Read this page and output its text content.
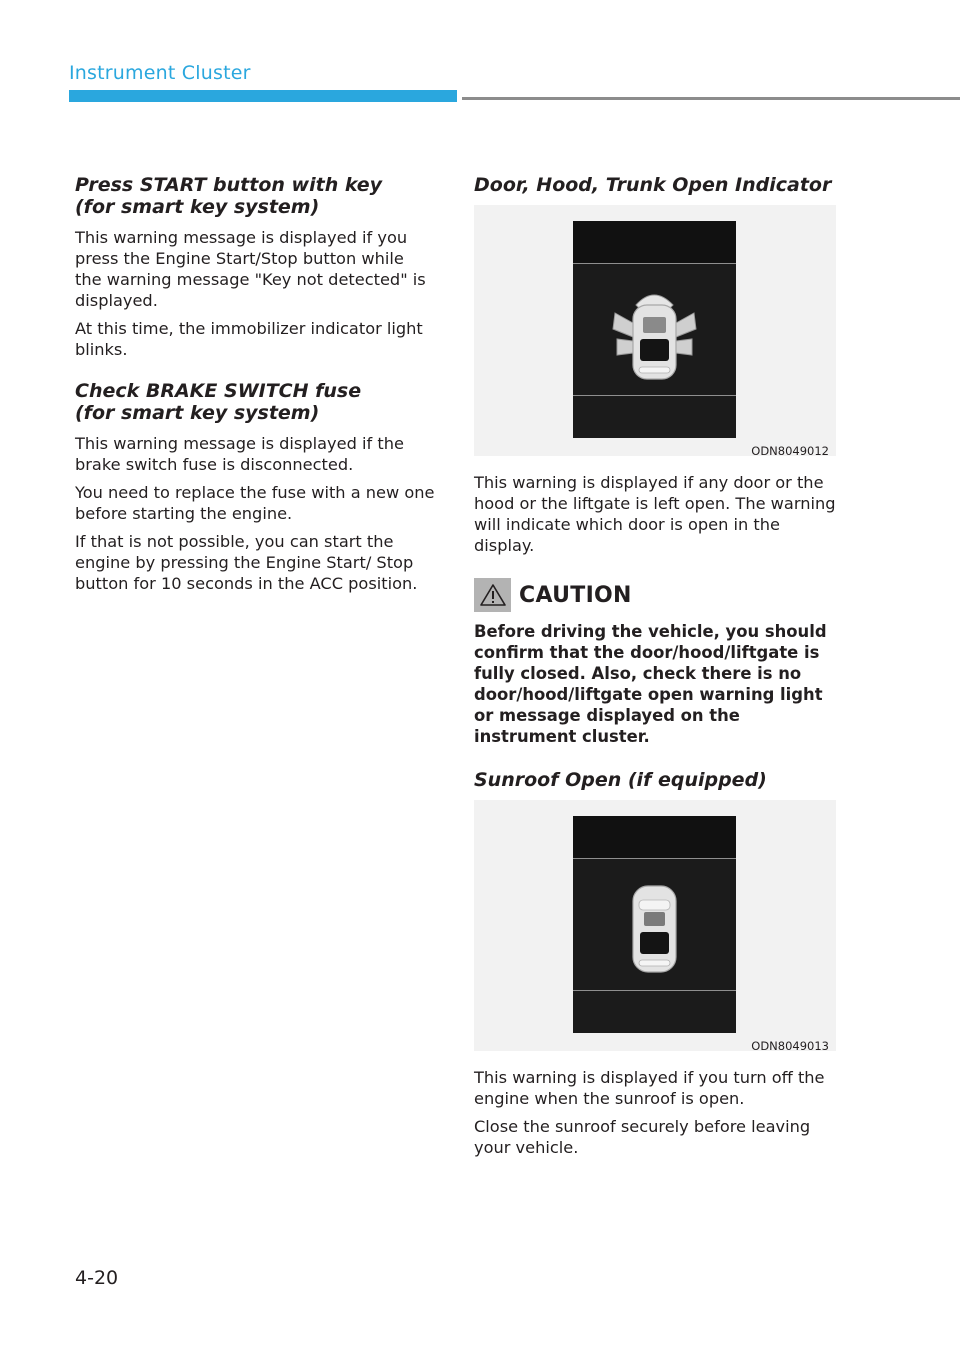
Instrument Cluster
Press START button with key
(for smart key system)

This warning message is displayed if you press the Engine Start/Stop button while the warning message "Key not detected" is displayed.

At this time, the immobilizer indicator light blinks.

Check BRAKE SWITCH fuse
(for smart key system)

This warning message is displayed if the brake switch fuse is disconnected.

You need to replace the fuse with a new one before starting the engine.

If that is not possible, you can start the engine by pressing the Engine Start/ Stop button for 10 seconds in the ACC position.

Door, Hood, Trunk Open Indicator
ODN8049012

This warning is displayed if any door or the hood or the liftgate is left open. The warning will indicate which door is open in the display.

CAUTION

Before driving the vehicle, you should confirm that the door/hood/liftgate is fully closed. Also, check there is no door/hood/liftgate open warning light or message displayed on the instrument cluster.

Sunroof Open (if equipped)
ODN8049013

This warning is displayed if you turn off the engine when the sunroof is open.

Close the sunroof securely before leaving your vehicle.

4-20
